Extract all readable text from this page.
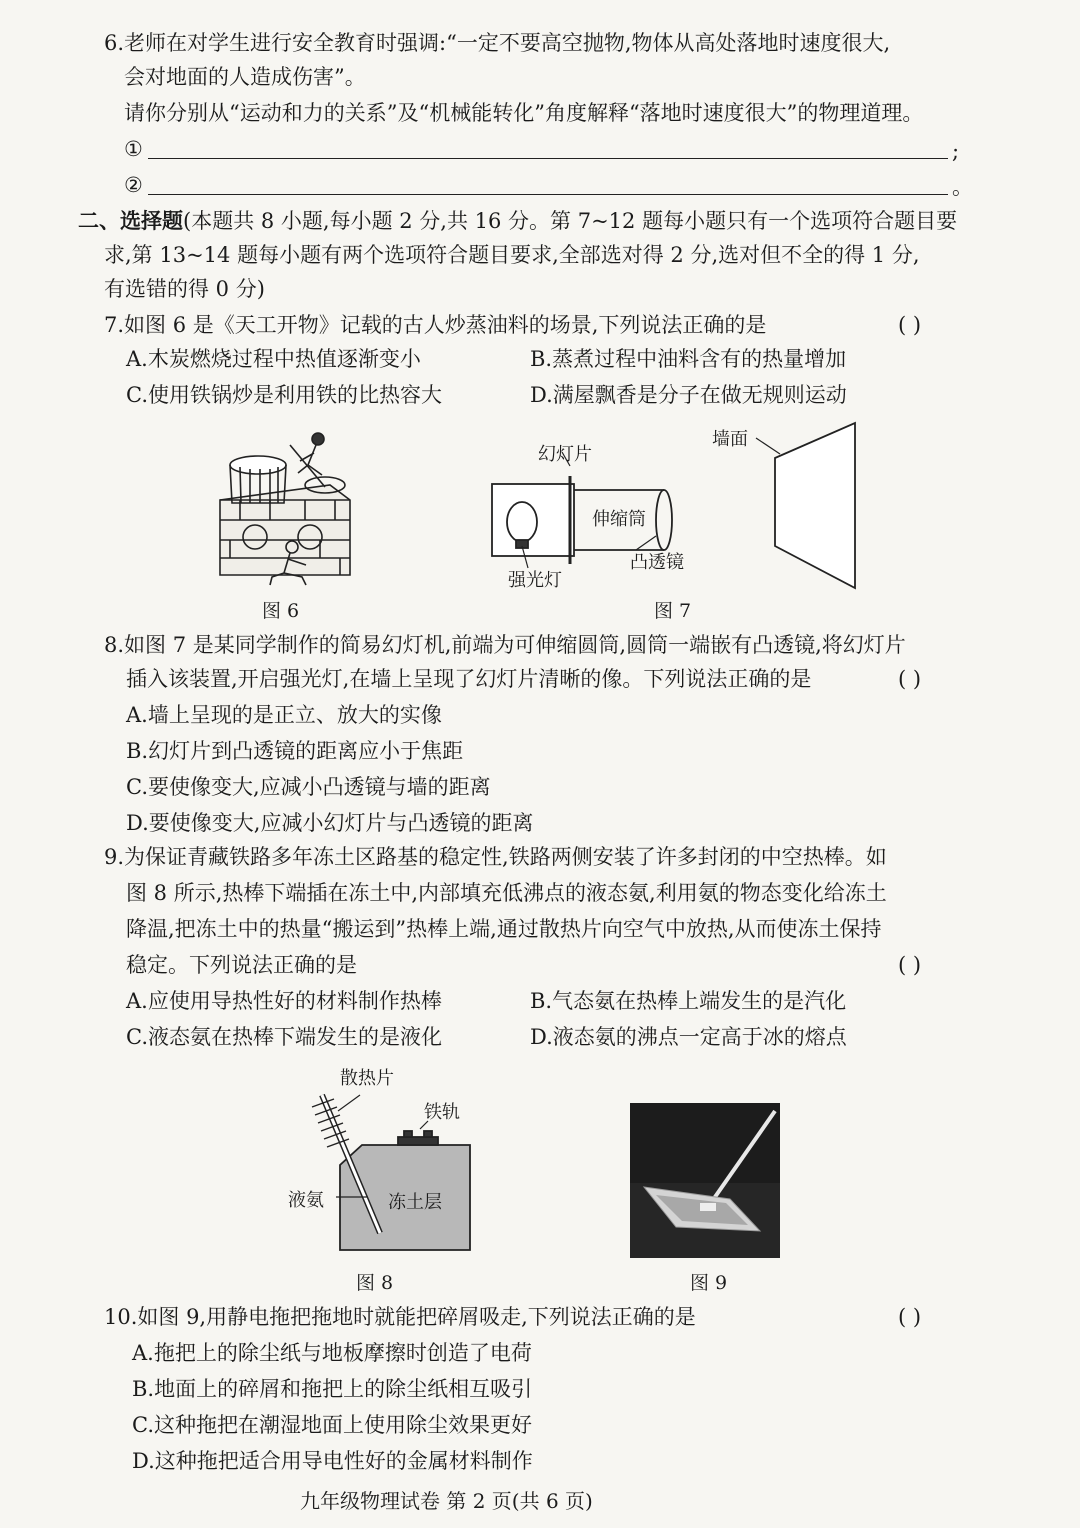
6.老师在对学生进行安全教育时强调:“一定不要高空抛物,物体从高处落地时速度很大,
会对地面的人造成伤害”。
请你分别从“运动和力的关系”及“机械能转化”角度解释“落地时速度很大”的物理道理。
①	;
②	。
二、选择题(本题共 8 小题,每小题 2 分,共 16 分。第 7~12 题每小题只有一个选项符合题目要
求,第 13~14 题每小题有两个选项符合题目要求,全部选对得 2 分,选对但不全的得 1 分,
有选错的得 0 分)
7.如图 6 是《天工开物》记载的古人炒蒸油料的场景,下列说法正确的是	( )
A.木炭燃烧过程中热值逐渐变小	B.蒸煮过程中油料含有的热量增加
C.使用铁锅炒是利用铁的比热容大	D.满屋飘香是分子在做无规则运动
图 6
幻灯片
伸缩筒
强光灯
凸透镜
墙面
图 7
8.如图 7 是某同学制作的简易幻灯机,前端为可伸缩圆筒,圆筒一端嵌有凸透镜,将幻灯片
插入该装置,开启强光灯,在墙上呈现了幻灯片清晰的像。下列说法正确的是	( )
A.墙上呈现的是正立、放大的实像
B.幻灯片到凸透镜的距离应小于焦距
C.要使像变大,应减小凸透镜与墙的距离
D.要使像变大,应减小幻灯片与凸透镜的距离
9.为保证青藏铁路多年冻土区路基的稳定性,铁路两侧安装了许多封闭的中空热棒。如
图 8 所示,热棒下端插在冻土中,内部填充低沸点的液态氨,利用氨的物态变化给冻土
降温,把冻土中的热量“搬运到”热棒上端,通过散热片向空气中放热,从而使冻土保持
稳定。下列说法正确的是	( )
A.应使用导热性好的材料制作热棒	B.气态氨在热棒上端发生的是汽化
C.液态氨在热棒下端发生的是液化	D.液态氨的沸点一定高于冰的熔点
散热片
铁轨
液氨	冻土层
图 8	图 9
10.如图 9,用静电拖把拖地时就能把碎屑吸走,下列说法正确的是	( )
A.拖把上的除尘纸与地板摩擦时创造了电荷
B.地面上的碎屑和拖把上的除尘纸相互吸引
C.这种拖把在潮湿地面上使用除尘效果更好
D.这种拖把适合用导电性好的金属材料制作
九年级物理试卷 第 2 页(共 6 页)
